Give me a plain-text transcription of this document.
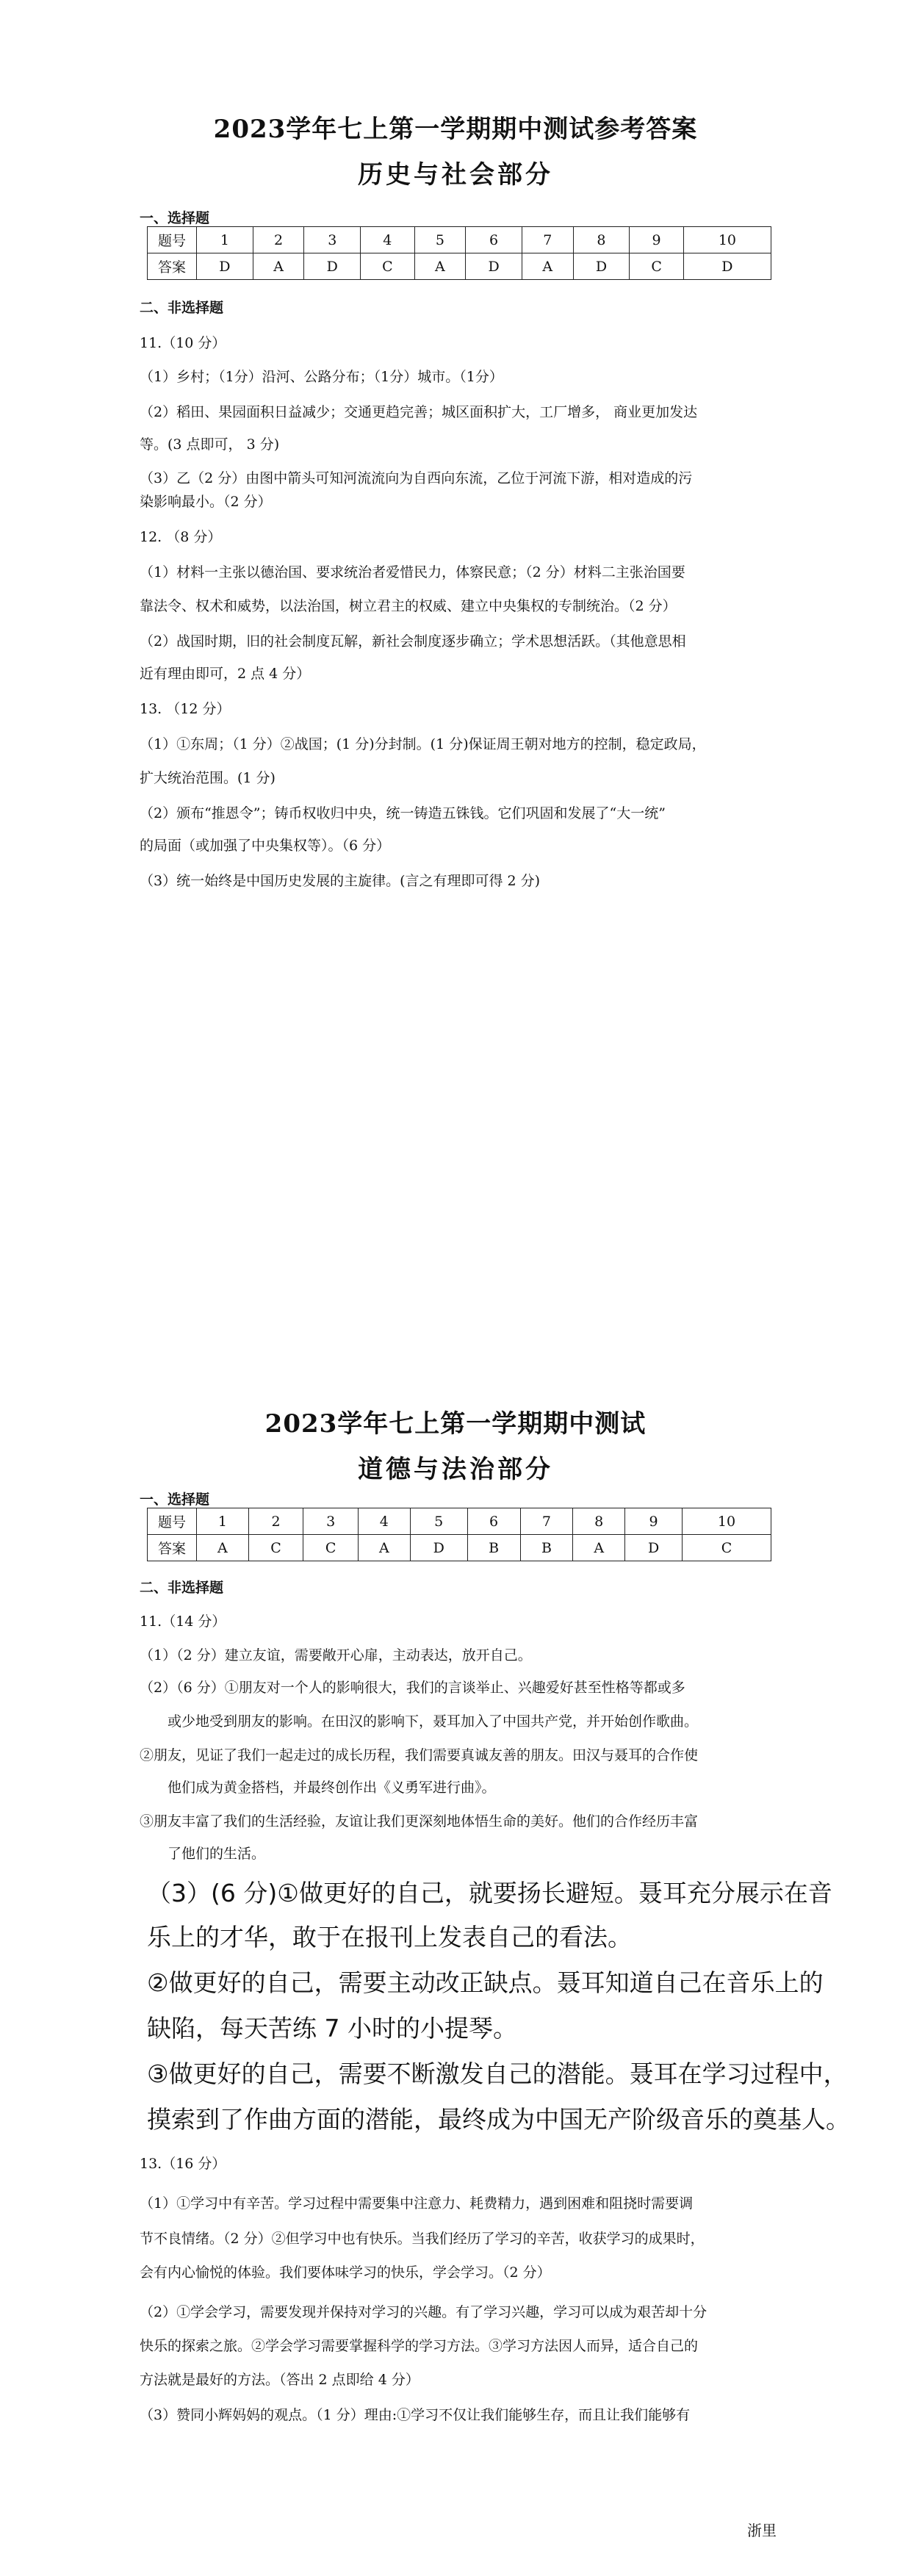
2023学年七上第一学期期中测试参考答案
历史与社会部分
一、选择题
题号	1	2	3	4	5	6	7	8	9	10
答案	D	A	D	C	A	D	A	D	C	D
二、非选择题
11.（10 分）
（1）乡村；（1分）沿河、公路分布；（1分）城市。（1分）
（2）稻田、果园面积日益减少；交通更趋完善；城区面积扩大，工厂增多， 商业更加发达
等。(3 点即可， 3 分)
（3）乙（2 分）由图中箭头可知河流流向为自西向东流，乙位于河流下游，相对造成的污
染影响最小。（2 分）
12. （8 分）
（1）材料一主张以德治国、要求统治者爱惜民力，体察民意；（2 分）材料二主张治国要
靠法令、权术和威势，以法治国，树立君主的权威、建立中央集权的专制统治。（2 分）
（2）战国时期，旧的社会制度瓦解，新社会制度逐步确立；学术思想活跃。（其他意思相
近有理由即可，2 点 4 分）
13. （12 分）
（1）①东周；（1 分）②战国；(1 分)分封制。(1 分)保证周王朝对地方的控制，稳定政局，
扩大统治范围。(1 分)
（2）颁布“推恩令”；铸币权收归中央，统一铸造五铢钱。它们巩固和发展了“大一统”
的局面（或加强了中央集权等）。（6 分）
（3）统一始终是中国历史发展的主旋律。(言之有理即可得 2 分)
2023学年七上第一学期期中测试
道德与法治部分
一、选择题
题号	1	2	3	4	5	6	7	8	9	10
答案	A	C	C	A	D	B	B	A	D	C
二、非选择题
11.（14 分）
（1）（2 分）建立友谊，需要敞开心扉，主动表达，放开自己。
（2）（6 分）①朋友对一个人的影响很大，我们的言谈举止、兴趣爱好甚至性格等都或多
或少地受到朋友的影响。在田汉的影响下，聂耳加入了中国共产党，并开始创作歌曲。
②朋友，见证了我们一起走过的成长历程，我们需要真诚友善的朋友。田汉与聂耳的合作使
他们成为黄金搭档，并最终创作出《义勇军进行曲》。
③朋友丰富了我们的生活经验，友谊让我们更深刻地体悟生命的美好。他们的合作经历丰富
了他们的生活。
（3）(6 分)①做更好的自己，就要扬长避短。聂耳充分展示在音
乐上的才华，敢于在报刊上发表自己的看法。
②做更好的自己，需要主动改正缺点。聂耳知道自己在音乐上的
缺陷，每天苦练 7 小时的小提琴。
③做更好的自己，需要不断激发自己的潜能。聂耳在学习过程中，
摸索到了作曲方面的潜能，最终成为中国无产阶级音乐的奠基人。
13.（16 分）
（1）①学习中有辛苦。学习过程中需要集中注意力、耗费精力，遇到困难和阻挠时需要调
节不良情绪。（2 分）②但学习中也有快乐。当我们经历了学习的辛苦，收获学习的成果时，
会有内心愉悦的体验。我们要体味学习的快乐，学会学习。（2 分）
（2）①学会学习，需要发现并保持对学习的兴趣。有了学习兴趣，学习可以成为艰苦却十分
快乐的探索之旅。②学会学习需要掌握科学的学习方法。③学习方法因人而异，适合自己的
方法就是最好的方法。（答出 2 点即给 4 分）
（3）赞同小辉妈妈的观点。（1 分）理由:①学习不仅让我们能够生存，而且让我们能够有
浙里
